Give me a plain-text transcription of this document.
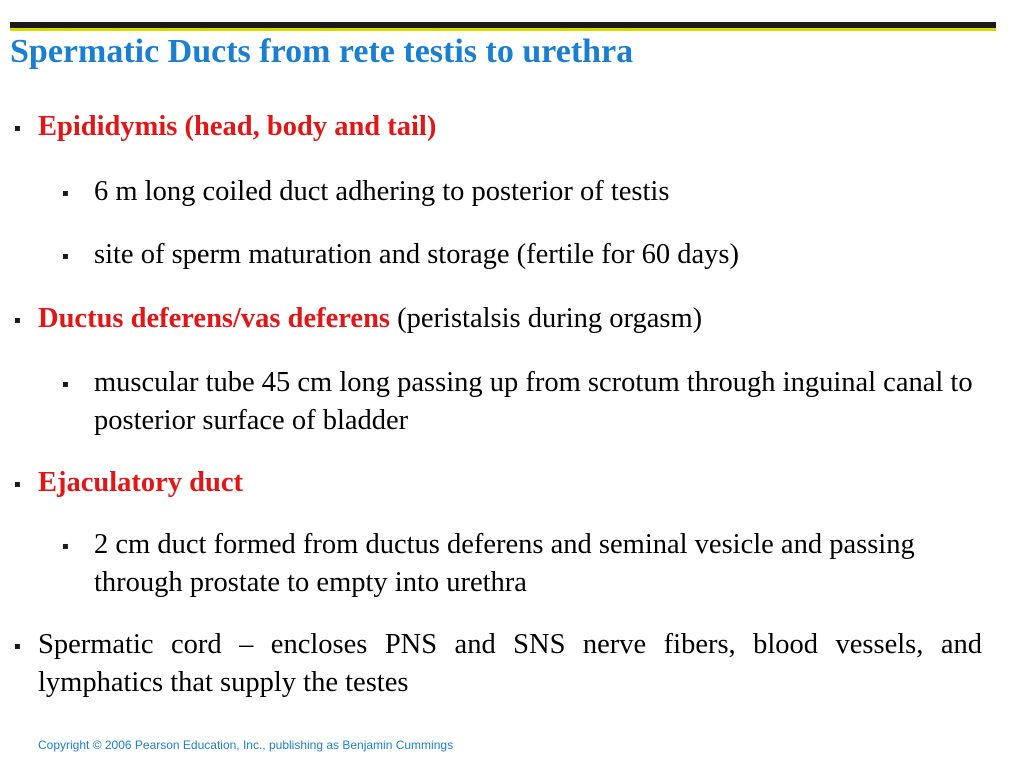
Spermatic Ducts from rete testis to urethra
▪ Epididymis (head, body and tail)
▪ 6 m long coiled duct adhering to posterior of testis
▪ site of sperm maturation and storage (fertile for 60 days)
▪ Ductus deferens/vas deferens (peristalsis during orgasm)
▪ muscular tube 45 cm long passing up from scrotum through inguinal canal to posterior surface of bladder
▪ Ejaculatory duct
▪ 2 cm duct formed from ductus deferens and seminal vesicle and passing through prostate to empty into urethra
▪ Spermatic cord – encloses PNS and SNS nerve fibers, blood vessels, and lymphatics that supply the testes
Copyright © 2006 Pearson Education, Inc., publishing as Benjamin Cummings
